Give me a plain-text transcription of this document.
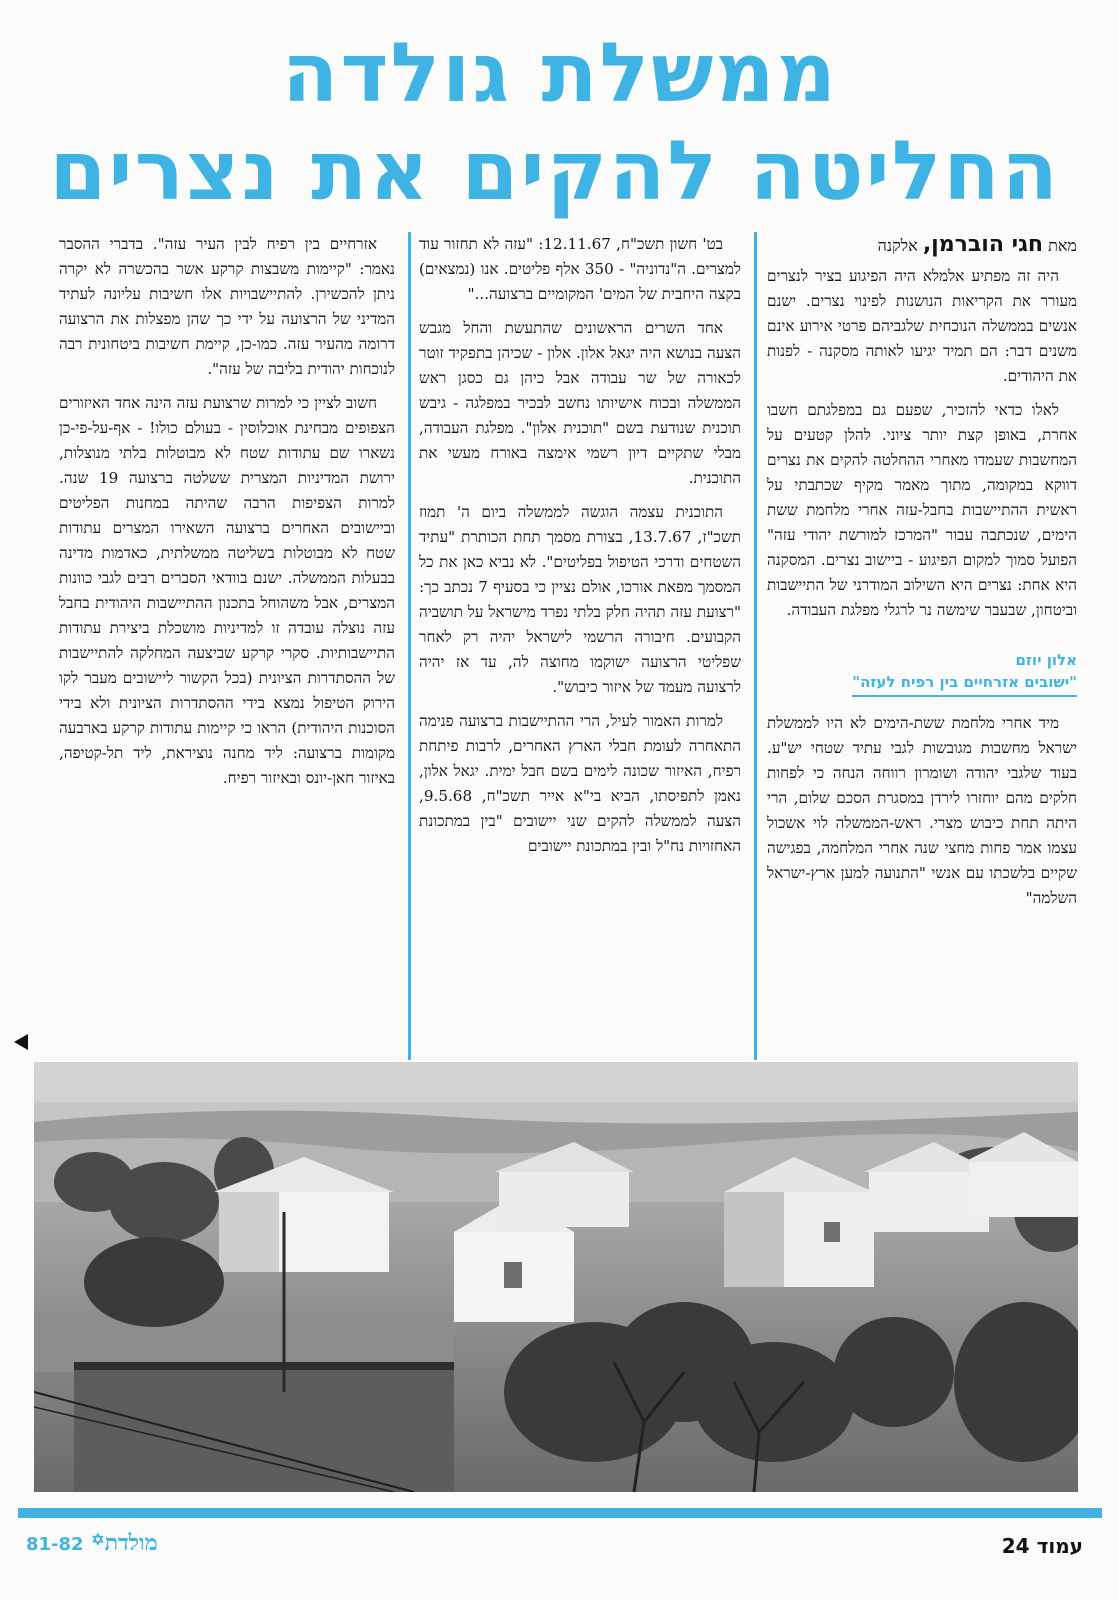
ממשלת גולדה
החליטה להקים את נצרים
מאת חגי הוברמן, אלקנה

היה זה מפתיע אלמלא היה הפיגוע בציר לנצרים מעורר את הקריאות הנושנות לפינוי נצרים. ישנם אנשים בממשלה הנוכחית שלגביהם פרטי אירוע אינם משנים דבר: הם תמיד יגיעו לאותה מסקנה - לפנות את היהודים.

לאלו כדאי להזכיר, שפעם גם במפלגתם חשבו אחרת, באופן קצת יותר ציוני. להלן קטעים על המחשבות שעמדו מאחרי ההחלטה להקים את נצרים דווקא במקומה, מתוך מאמר מקיף שכתבתי על ראשית ההתיישבות בחבל-עזה אחרי מלחמת ששת הימים, שנכתבה עבור "המרכז למורשת יהודי עזה" הפועל סמוך למקום הפיגוע - ביישוב נצרים. המסקנה היא אחת: נצרים היא השילוב המודרני של התיישבות וביטחון, שבעבר שימשה נר לרגלי מפלגת העבודה.

אלון יוזם
"ישובים אזרחיים בין רפיח לעזה"

מיד אחרי מלחמת ששת-הימים לא היו לממשלת ישראל מחשבות מגובשות לגבי עתיד שטחי יש"ע. בעוד שלגבי יהודה ושומרון רווחה הנחה כי לפחות חלקים מהם יוחזרו לירדן במסגרת הסכם שלום, הרי היתה תחת כיבוש מצרי. ראש-הממשלה לוי אשכול עצמו אמר פחות מחצי שנה אחרי המלחמה, בפגישה שקיים בלשכתו עם אנשי "התנועה למען ארץ-ישראל השלמה"

בט' חשון תשכ"ח, 12.11.67: "עזה לא תחזור עוד למצרים. ה"נדוניה" - 350 אלף פליטים. אנו (נמצאים) בקצה היחבית של המים' המקומיים ברצועה..."

אחד השרים הראשונים שהתעשת והחל מגבש הצעה בנושא היה יגאל אלון. אלון - שכיהן בתפקיד זוטר לכאורה של שר עבודה אבל כיהן גם כסגן ראש הממשלה ובכוח אישיותו נחשב לבכיר במפלגה - גיבש תוכנית שנודעת בשם "תוכנית אלון". מפלגת העבודה, מבלי שתקיים דיון רשמי אימצה באורח מעשי את התוכנית.

התוכנית עצמה הוגשה לממשלה ביום ה' תמוז תשכ"ז, 13.7.67, בצורת מסמך תחת הכותרת "עתיד השטחים ודרכי הטיפול בפליטים". לא נביא כאן את כל המסמך מפאת אורכו, אולם נציין כי בסעיף 7 נכתב כך: "רצועת עזה תהיה חלק בלתי נפרד מישראל על תושביה הקבועים. חיבורה הרשמי לישראל יהיה רק לאחר שפליטי הרצועה ישוקמו מחוצה לה, עד אז יהיה לרצועה מעמד של איזור כיבוש".

למרות האמור לעיל, הרי ההתיישבות ברצועה פנימה התאחרה לעומת חבלי הארץ האחרים, לרבות פיתחת רפיח, האיזור שכונה לימים בשם חבל ימית. יגאל אלון, נאמן לתפיסתו, הביא בי"א אייר תשכ"ח, 9.5.68, הצעה לממשלה להקים שני יישובים "בין במתכונת האחזויות נח"ל ובין במתכונת יישובים

אזרחיים בין רפיח לבין העיר עזה". בדברי ההסבר נאמר: "קיימות משבצות קרקע אשר בהכשרה לא יקרה ניתן להכשירן. להתיישבויות אלו חשיבות עליונה לעתיד המדיני של הרצועה על ידי כך שהן מפצלות את הרצועה דרומה מהעיר עזה. כמו-כן, קיימת חשיבות ביטחונית רבה לנוכחות יהודית בליבה של עזה".

חשוב לציין כי למרות שרצועת עזה הינה אחד האיזורים הצפופים מבחינת אוכלוסין - בעולם כולו! - אף-על-פי-כן נשארו שם עתודות שטח לא מבוטלות בלתי מנוצלות, ירושת המדיניות המצרית ששלטה ברצועה 19 שנה. למרות הצפיפות הרבה שהיתה במחנות הפליטים וביישובים האחרים ברצועה השאירו המצרים עתודות שטח לא מבוטלות בשליטה ממשלתית, כאדמות מדינה בבעלות הממשלה. ישנם בוודאי הסברים רבים לגבי כוונות המצרים, אבל משהוחל בתכנון ההתיישבות היהודית בחבל עזה נוצלה עובדה זו למדיניות מושכלת ביצירת עתודות התיישבותיות. סקרי קרקע שביצעה המחלקה להתיישבות של ההסתדרות הציונית (בכל הקשור ליישובים מעבר לקו הירוק הטיפול נמצא בידי ההסתדרות הציונית ולא בידי הסוכנות היהודית) הראו כי קיימות עתודות קרקע בארבעה מקומות ברצועה: ליד מחנה נוציראת, ליד תל-קטיפה, באיזור חאן-יונס ובאיזור רפיח.

עמוד 24
מולדת✡ 81-82
